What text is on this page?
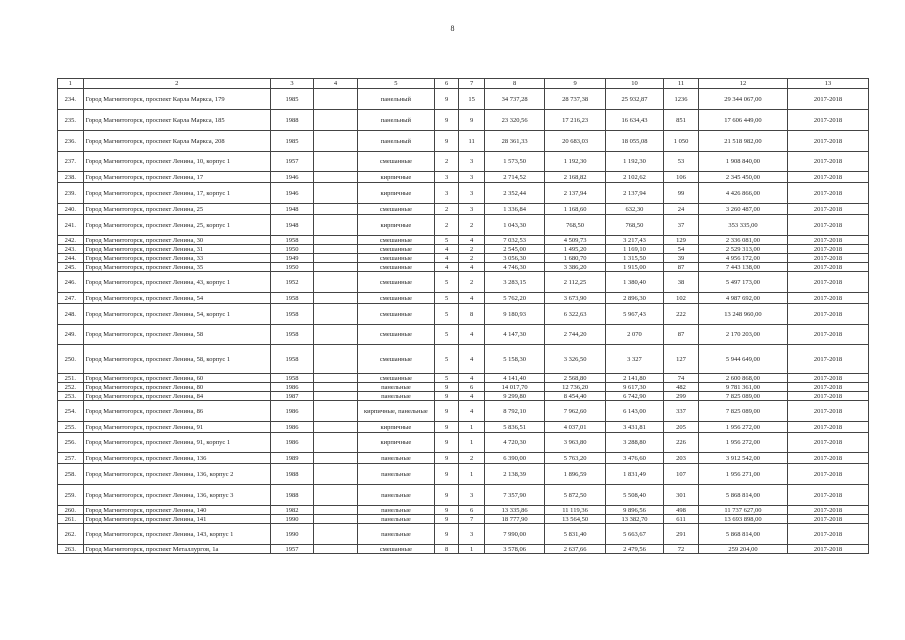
8
1	2	3	4	5	6	7	8	9	10	11	12	13
234.	Город Магнитогорск, проспект Карла Маркса, 179	1985		панельный	9	15	34 737,28	28 737,38	25 932,87	1236	29 344 067,00	2017-2018
235.	Город Магнитогорск, проспект Карла Маркса, 185	1988		панельный	9	9	23 320,56	17 216,23	16 634,43	851	17 606 449,00	2017-2018
236.	Город Магнитогорск, проспект Карла Маркса, 208	1985		панельный	9	11	28 361,33	20 683,03	18 055,08	1 050	21 518 982,00	2017-2018
237.	Город Магнитогорск, проспект Ленина, 10, корпус 1	1957		смешанные	2	3	1 573,50	1 192,30	1 192,30	53	1 908 840,00	2017-2018
238.	Город Магнитогорск, проспект Ленина, 17	1946		кирпичные	3	3	2 714,52	2 168,82	2 102,62	106	2 345 450,00	2017-2018
239.	Город Магнитогорск, проспект Ленина, 17, корпус 1	1946		кирпичные	3	3	2 352,44	2 137,94	2 137,94	99	4 426 866,00	2017-2018
240.	Город Магнитогорск, проспект Ленина, 25	1948		смешанные	2	3	1 336,84	1 168,60	632,30	24	3 260 487,00	2017-2018
241.	Город Магнитогорск, проспект Ленина, 25, корпус 1	1948		кирпичные	2	2	1 043,30	768,50	768,50	37	353 335,00	2017-2018
242.	Город Магнитогорск, проспект Ленина, 30	1958		смешанные	5	4	7 032,53	4 509,73	3 217,43	129	2 336 081,00	2017-2018
243.	Город Магнитогорск, проспект Ленина, 31	1950		смешанные	4	2	2 545,00	1 495,20	1 169,10	54	2 529 313,00	2017-2018
244.	Город Магнитогорск, проспект Ленина, 33	1949		смешанные	4	2	3 056,30	1 680,70	1 315,50	39	4 956 172,00	2017-2018
245.	Город Магнитогорск, проспект Ленина, 35	1950		смешанные	4	4	4 746,30	3 386,20	1 915,00	87	7 443 138,00	2017-2018
246.	Город Магнитогорск, проспект Ленина, 43, корпус 1	1952		смешанные	5	2	3 283,15	2 112,25	1 380,40	38	5 497 173,00	2017-2018
247.	Город Магнитогорск, проспект Ленина, 54	1958		смешанные	5	4	5 762,20	3 673,90	2 896,30	102	4 987 692,00	2017-2018
248.	Город Магнитогорск, проспект Ленина, 54, корпус 1	1958		смешанные	5	8	9 180,93	6 322,63	5 967,43	222	13 248 960,00	2017-2018
249.	Город Магнитогорск, проспект Ленина, 58	1958		смешанные	5	4	4 147,30	2 744,20	2 070	87	2 170 203,00	2017-2018
250.	Город Магнитогорск, проспект Ленина, 58, корпус 1	1958		смешанные	5	4	5 158,30	3 326,50	3 327	127	5 944 649,00	2017-2018
251.	Город Магнитогорск, проспект Ленина, 60	1958		смешанные	5	4	4 141,40	2 568,80	2 141,80	74	2 600 868,00	2017-2018
252.	Город Магнитогорск, проспект Ленина, 80	1986		панельные	9	6	14 017,70	12 736,20	9 617,30	482	9 781 361,00	2017-2018
253.	Город Магнитогорск, проспект Ленина, 84	1987		панельные	9	4	9 299,80	8 454,40	6 742,90	299	7 825 089,00	2017-2018
254.	Город Магнитогорск, проспект Ленина, 86	1986		кирпичные, панельные	9	4	8 792,10	7 962,60	6 143,00	337	7 825 089,00	2017-2018
255.	Город Магнитогорск, проспект Ленина, 91	1986		кирпичные	9	1	5 836,51	4 037,01	3 431,81	205	1 956 272,00	2017-2018
256.	Город Магнитогорск, проспект Ленина, 91, корпус 1	1986		кирпичные	9	1	4 720,30	3 963,80	3 288,80	226	1 956 272,00	2017-2018
257.	Город Магнитогорск, проспект Ленина, 136	1989		панельные	9	2	6 390,00	5 763,20	3 476,60	203	3 912 542,00	2017-2018
258.	Город Магнитогорск, проспект Ленина, 136, корпус 2	1988		панельные	9	1	2 138,39	1 896,59	1 831,49	107	1 956 271,00	2017-2018
259.	Город Магнитогорск, проспект Ленина, 136, корпус 3	1988		панельные	9	3	7 357,90	5 872,50	5 508,40	301	5 868 814,00	2017-2018
260.	Город Магнитогорск, проспект Ленина, 140	1982		панельные	9	6	13 335,86	11 119,36	9 896,56	498	11 737 627,00	2017-2018
261.	Город Магнитогорск, проспект Ленина, 141	1990		панельные	9	7	18 777,90	13 564,50	13 382,70	611	13 693 898,00	2017-2018
262.	Город Магнитогорск, проспект Ленина, 143, корпус 1	1990		панельные	9	3	7 990,00	5 831,40	5 663,67	291	5 868 814,00	2017-2018
263.	Город Магнитогорск, проспект Металлургов, 1а	1957		смешанные	8	1	3 578,06	2 637,66	2 479,56	72	259 204,00	2017-2018
